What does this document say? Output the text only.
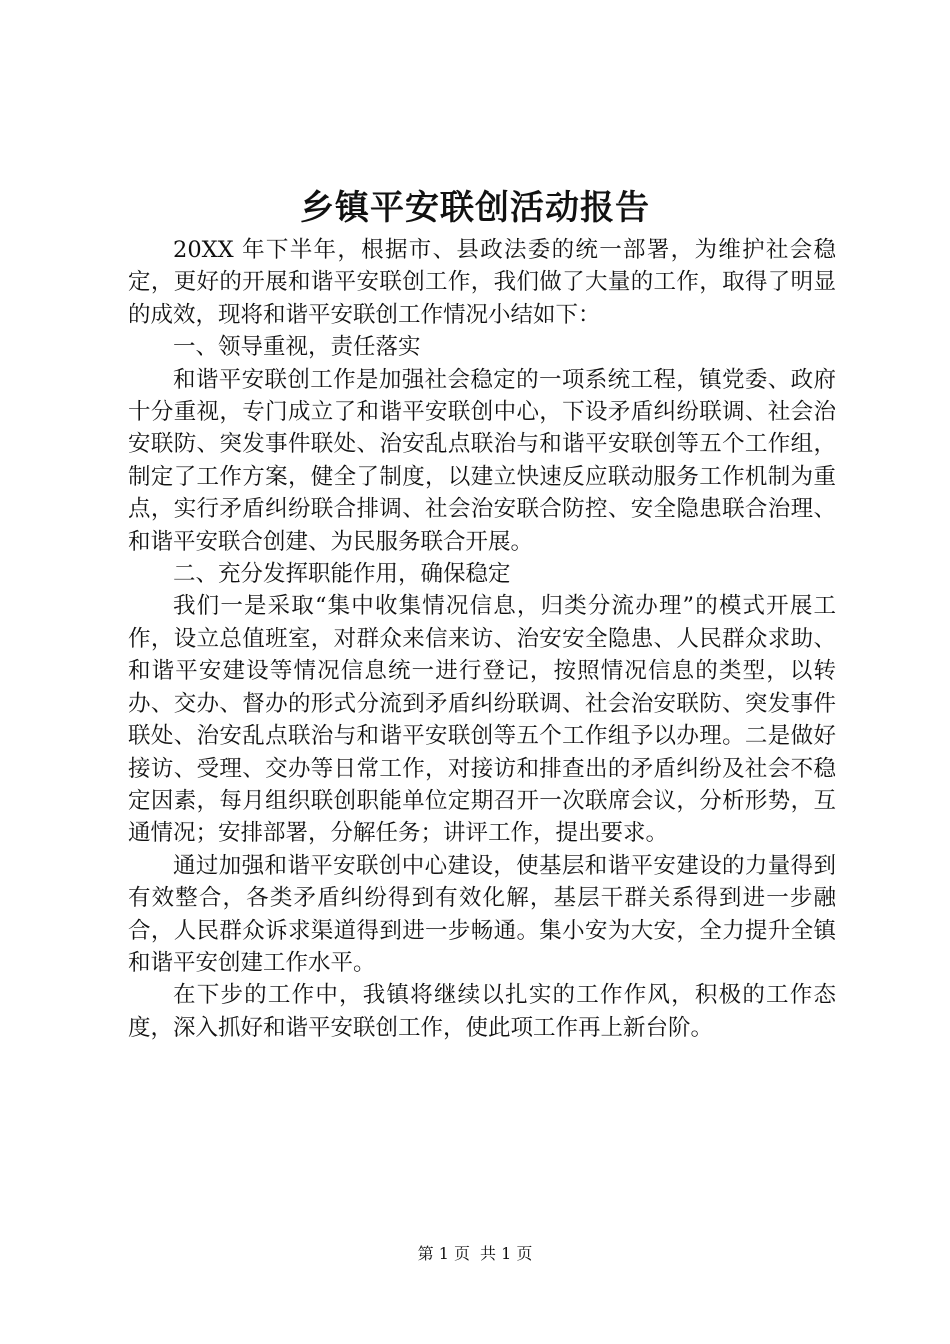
乡镇平安联创活动报告

20XX 年下半年，根据市、县政法委的统一部署，为维护社会稳定，更好的开展和谐平安联创工作，我们做了大量的工作，取得了明显的成效，现将和谐平安联创工作情况小结如下：

一、领导重视，责任落实

和谐平安联创工作是加强社会稳定的一项系统工程，镇党委、政府十分重视，专门成立了和谐平安联创中心，下设矛盾纠纷联调、社会治安联防、突发事件联处、治安乱点联治与和谐平安联创等五个工作组，制定了工作方案，健全了制度，以建立快速反应联动服务工作机制为重点，实行矛盾纠纷联合排调、社会治安联合防控、安全隐患联合治理、和谐平安联合创建、为民服务联合开展。

二、充分发挥职能作用，确保稳定

我们一是采取“集中收集情况信息，归类分流办理”的模式开展工作，设立总值班室，对群众来信来访、治安安全隐患、人民群众求助、和谐平安建设等情况信息统一进行登记，按照情况信息的类型，以转办、交办、督办的形式分流到矛盾纠纷联调、社会治安联防、突发事件联处、治安乱点联治与和谐平安联创等五个工作组予以办理。二是做好接访、受理、交办等日常工作，对接访和排查出的矛盾纠纷及社会不稳定因素，每月组织联创职能单位定期召开一次联席会议，分析形势，互通情况；安排部署，分解任务；讲评工作，提出要求。

通过加强和谐平安联创中心建设，使基层和谐平安建设的力量得到有效整合，各类矛盾纠纷得到有效化解，基层干群关系得到进一步融合，人民群众诉求渠道得到进一步畅通。集小安为大安，全力提升全镇和谐平安创建工作水平。

在下步的工作中，我镇将继续以扎实的工作作风，积极的工作态度，深入抓好和谐平安联创工作，使此项工作再上新台阶。

第 1 页 共 1 页
